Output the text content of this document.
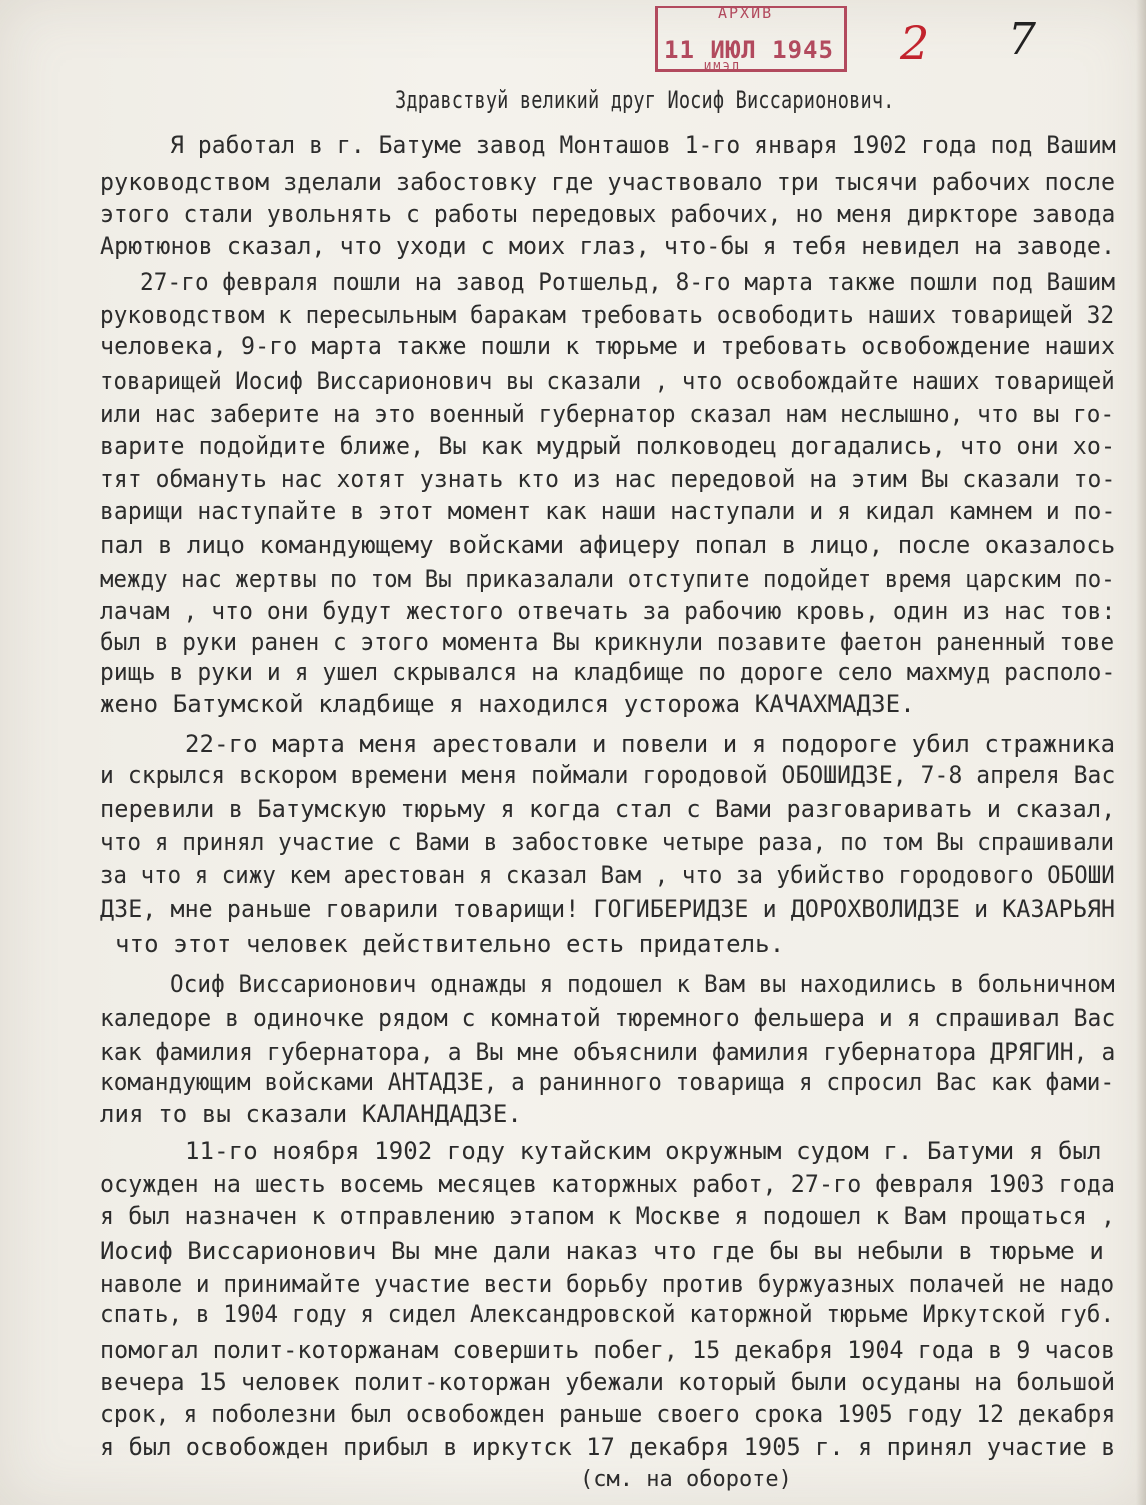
АРХИВ
11 ИЮЛ 1945
ИМЭЛ	2 7
Здравствуй великий друг Иосиф Виссарионович.
Я работал в г. Батуме завод Монташов 1-го января 1902 года под Вашим
руководством зделали забостовку где участвовало три тысячи рабочих после
этого стали увольнять с работы передовых рабочих, но меня диркторе завода
Арютюнов сказал, что уходи с моих глаз, что-бы я тебя невидел на заводе.
27-го февраля пошли на завод Ротшельд, 8-го марта также пошли под Вашим
руководством к пересыльным баракам требовать освободить наших товарищей 32
человека, 9-го марта также пошли к тюрьме и требовать освобождение наших
товарищей Иосиф Виссарионович вы сказали , что освобождайте наших товарищей
или нас заберите на это военный губернатор сказал нам неслышно, что вы го-
варите подойдите ближе, Вы как мудрый полководец догадались, что они хо-
тят обмануть нас хотят узнать кто из нас передовой на этим Вы сказали то-
варищи наступайте в этот момент как наши наступали и я кидал камнем и по-
пал в лицо командующему войсками афицеру попал в лицо, после оказалось
между нас жертвы по том Вы приказалали отступите подойдет время царским по-
лачам , что они будут жестого отвечать за рабочию кровь, один из нас тов:
был в руки ранен с этого момента Вы крикнули позавите фаетон раненный тове
рищь в руки и я ушел скрывался на кладбище по дороге село махмуд располо-
жено Батумской кладбище я находился усторожа КАЧАХМАДЗЕ.
22-го марта меня арестовали и повели и я подороге убил стражника
и скрылся вскором времени меня поймали городовой ОБОШИДЗЕ, 7-8 апреля Вас
перевили в Батумскую тюрьму я когда стал с Вами разговаривать и сказал,
что я принял участие с Вами в забостовке четыре раза, по том Вы спрашивали
за что я сижу кем арестован я сказал Вам , что за убийство городового ОБОШИ
ДЗЕ, мне раньше говарили товарищи! ГОГИБЕРИДЗЕ и ДОРОХВОЛИДЗЕ и КАЗАРЬЯН
что этот человек действительно есть придатель.
Осиф Виссарионович однажды я подошел к Вам вы находились в больничном
каледоре в одиночке рядом с комнатой тюремного фельшера и я спрашивал Вас
как фамилия губернатора, а Вы мне объяснили фамилия губернатора ДРЯГИН, а
командующим войсками АНТАДЗЕ, а ранинного товарища я спросил Вас как фами-
лия то вы сказали КАЛАНДАДЗЕ.
11-го ноября 1902 году кутайским окружным судом г. Батуми я был
осужден на шесть восемь месяцев каторжных работ, 27-го февраля 1903 года
я был назначен к отправлению этапом к Москве я подошел к Вам прощаться ,
Иосиф Виссарионович Вы мне дали наказ что где бы вы небыли в тюрьме и
наволе и принимайте участие вести борьбу против буржуазных полачей не надо
спать, в 1904 году я сидел Александровской каторжной тюрьме Иркутской губ.
помогал полит-которжанам совершить побег, 15 декабря 1904 года в 9 часов
вечера 15 человек полит-которжан убежали который были осуданы на большой
срок, я поболезни был освобожден раньше своего срока 1905 году 12 декабря
я был освобожден прибыл в иркутск 17 декабря 1905 г. я принял участие в
(см. на обороте)
